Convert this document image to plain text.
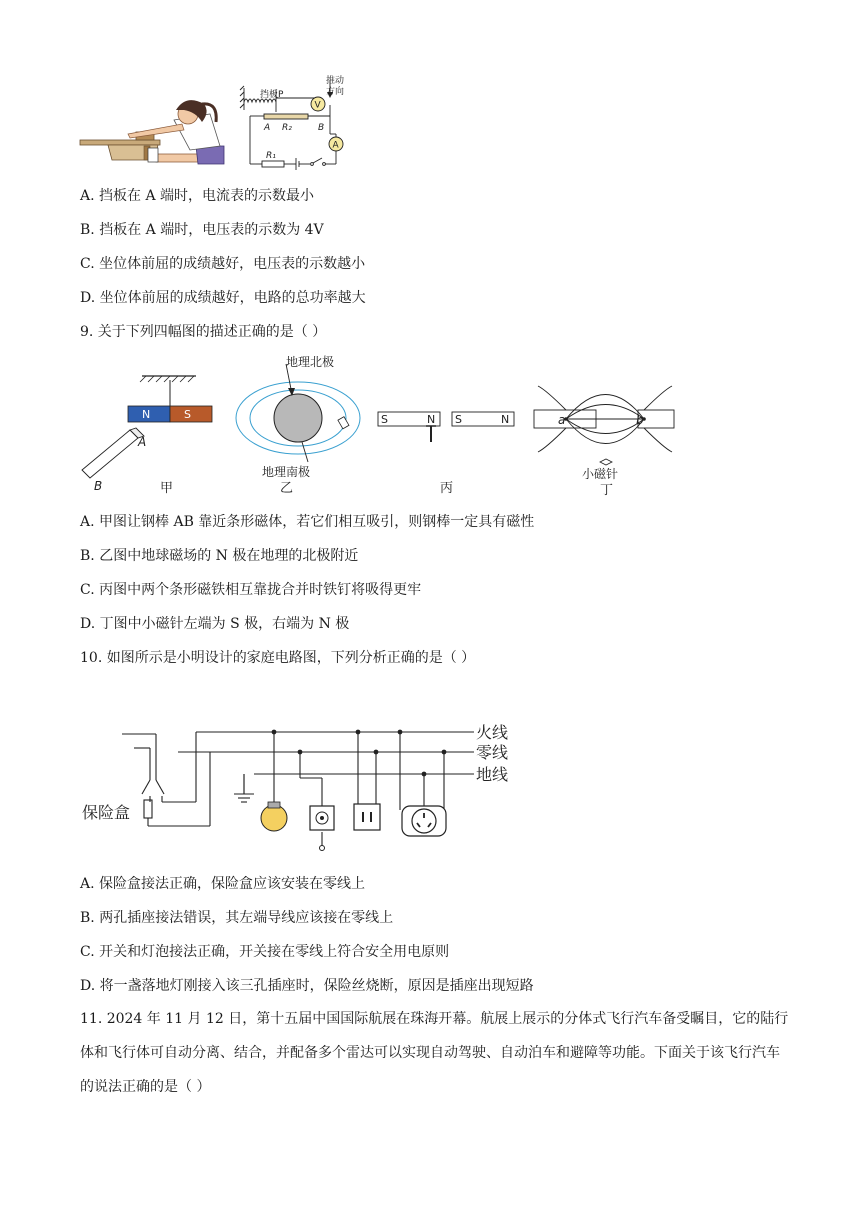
挡板P
推动
方向
A R₂	B
V
A
R₁
A. 挡板在 A 端时，电流表的示数最小
B. 挡板在 A 端时，电压表的示数为 4V
C. 坐位体前屈的成绩越好，电压表的示数越小
D. 坐位体前屈的成绩越好，电路的总功率越大
9. 关于下列四幅图的描述正确的是（ ）
N	S
A
B	甲
地理北极
地理南极
乙
S	N S	N
丙
a	b
小磁针
丁
A. 甲图让钢棒 AB 靠近条形磁体，若它们相互吸引，则钢棒一定具有磁性
B. 乙图中地球磁场的 N 极在地理的北极附近
C. 丙图中两个条形磁铁相互靠拢合并时铁钉将吸得更牢
D. 丁图中小磁针左端为 S 极，右端为 N 极
10. 如图所示是小明设计的家庭电路图，下列分析正确的是（ ）
火线
零线
地线
保险盒
A. 保险盒接法正确，保险盒应该安装在零线上
B. 两孔插座接法错误，其左端导线应该接在零线上
C. 开关和灯泡接法正确，开关接在零线上符合安全用电原则
D. 将一盏落地灯刚接入该三孔插座时，保险丝烧断，原因是插座出现短路
11. 2024 年 11 月 12 日，第十五届中国国际航展在珠海开幕。航展上展示的分体式飞行汽车备受瞩目，它的陆行体和飞行体可自动分离、结合，并配备多个雷达可以实现自动驾驶、自动泊车和避障等功能。下面关于该飞行汽车的说法正确的是（ ）
